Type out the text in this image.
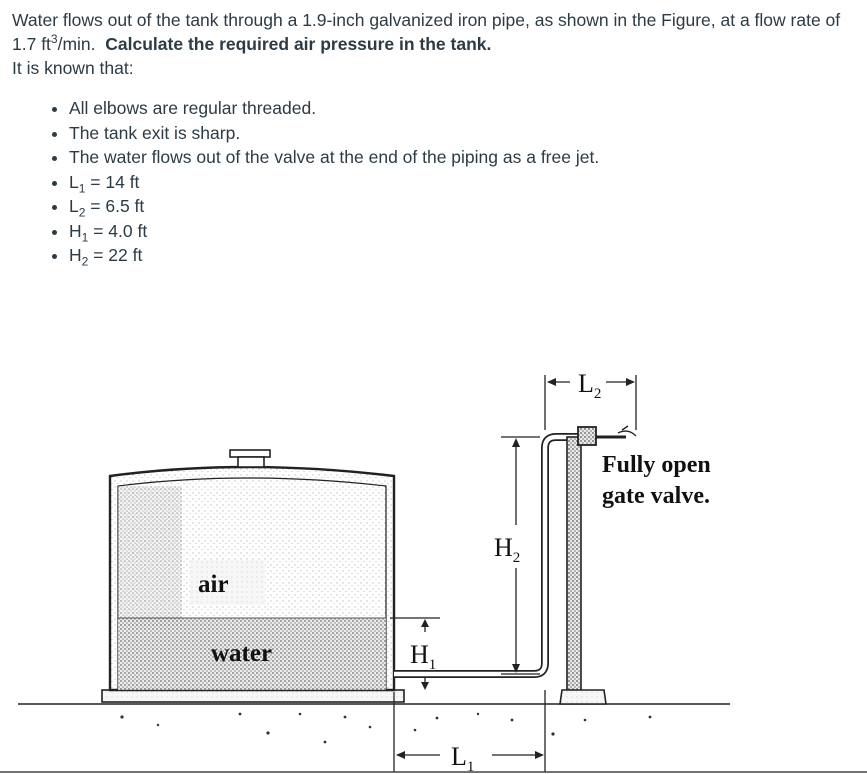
Water flows out of the tank through a 1.9-inch galvanized iron pipe, as shown in the Figure, at a flow rate of 1.7 $ft^3/\min$. Calculate the required air pressure in the tank.

It is known that:

• All elbows are regular threaded.
• The tank exit is sharp.
• The water flows out of the valve at the end of the piping as a free jet.
• $L_1 = 14$ ft
• $L_2 = 6.5$ ft
• $H_1 = 4.0$ ft
• $H_2 = 22$ ft
air
water
Fully open
gate valve.
$H_2$
$H_1$
$L_1$
$L_2$
